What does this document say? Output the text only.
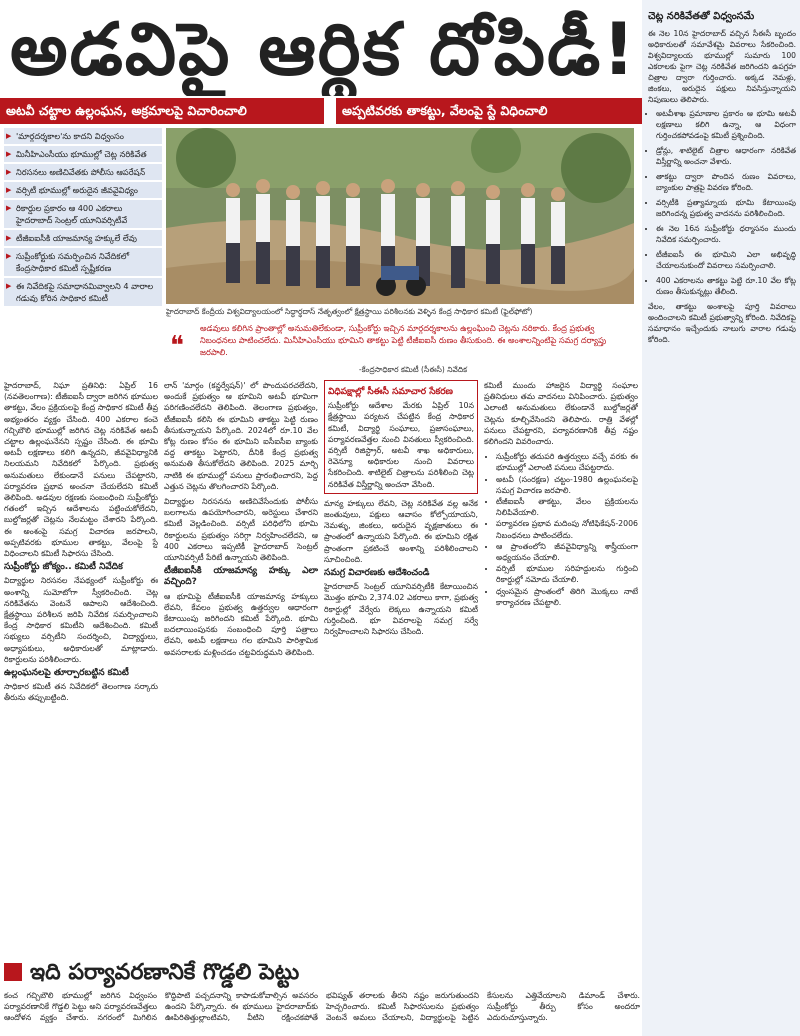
అడవిపై ఆర్థిక దోపిడీ!
అటవీ చట్టాల ఉల్లంఘన, అక్రమాలపై విచారించాలి	అప్పటివరకు తాకట్టు, వేలంపై స్టే విధించాలి
▶ 'మార్గదర్శకాల'ను కాదని విధ్వంసం
▶ మినీహిఎంసీయు భూముల్లో చెట్ల నరికివేత
▶ నిరసనలు అణిచివేతకు పోలీసు ఆపరేషన్
▶ వర్సిటీ భూముల్లో అరుదైన జీవవైవిధ్యం
▶ రికార్డుల ప్రకారం ఆ 400 ఎకరాలు హైదరాబాద్ సెంట్రల్ యూనివర్సిటీవే
▶ టీజీఐఐసీకి యాజమాన్య హక్కులే లేవు
▶ సుప్రీంకోర్టుకు సమర్పించిన నివేదికలో కేంద్రసాధికార కమిటీ స్పష్టీకరణ
▶ ఈ నివేదికపై సమాధానమివ్వాలని 4 వారాల గడువు కోరిన సాధికార కమిటీ
హైదరాబాద్ కేంద్రీయ విశ్వవిద్యాలయంలో సిద్ధార్థదాస్ నేతృత్వంలో క్షేత్రస్థాయి పరిశీలనకు వెళ్ళిన కేంద్ర సాధికార కమిటీ (ఫైల్‌ఫోటో)
❝
అడవులు కలిగిన ప్రాంతాల్లో అనుమతిలేకుండా, సుప్రీంకోర్టు ఇచ్చిన మార్గదర్శకాలను ఉల్లంఘించి చెట్లను నరికారు. కేంద్ర ప్రభుత్వ నిబంధనలు పాటించలేదు. మినీహిఎంసీయు భూమిని తాకట్టు పెట్టి టీజీఐఐసీ రుణం తీసుకుంది. ఈ అంశాలన్నింటిపై సమగ్ర దర్యాప్తు జరపాలి.
-కేంద్రసాధికార కమిటీ (సీఈసీ) నివేదిక
హైదరాబాద్, నిఘా ప్రతినిధి: ఏప్రిల్ 16 (నవతెలంగాణ): టీజీఐఐసీ ద్వారా జరిగిన భూముల తాకట్టు, వేలం ప్రక్రియలపై కేంద్ర సాధికార కమిటీ తీవ్ర అభ్యంతరం వ్యక్తం చేసింది. 400 ఎకరాల కంచె గచ్చిబౌలి భూముల్లో జరిగిన చెట్ల నరికివేత అటవీ చట్టాల ఉల్లంఘనేనని స్పష్టం చేసింది. ఈ భూమి అటవీ లక్షణాలు కలిగి ఉన్నదని, జీవవైవిధ్యానికి నిలయమని నివేదికలో పేర్కొంది. ప్రభుత్వ అనుమతులు లేకుండానే పనులు చేపట్టారని, పర్యావరణ ప్రభావ అంచనా చేయలేదని కమిటీ తెలిపింది. అడవుల రక్షణకు సంబంధించి సుప్రీంకోర్టు గతంలో ఇచ్చిన ఆదేశాలను పట్టించుకోలేదని, బుల్డోజర్లతో చెట్లను నేలమట్టం చేశారని పేర్కొంది. ఈ అంశంపై సమగ్ర విచారణ జరపాలని, అప్పటివరకు భూముల తాకట్టు, వేలంపై స్టే విధించాలని కమిటీ సిఫారసు చేసింది.
సుప్రీంకోర్టు జోక్యం.. కమిటీ నివేదిక
విద్యార్థుల నిరసనల నేపథ్యంలో సుప్రీంకోర్టు ఈ అంశాన్ని సుమోటోగా స్వీకరించింది. చెట్ల నరికివేతను వెంటనే ఆపాలని ఆదేశించింది. క్షేత్రస్థాయి పరిశీలన జరిపి నివేదిక సమర్పించాలని కేంద్ర సాధికార కమిటీని ఆదేశించింది. కమిటీ సభ్యులు వర్సిటీని సందర్శించి, విద్యార్థులు, అధ్యాపకులు, అధికారులతో మాట్లాడారు. రికార్డులను పరిశీలించారు.
ఉల్లంఘనలపై తూర్పారబట్టిన కమిటీ
సాధికార కమిటీ తన నివేదికలో తెలంగాణ సర్కారు తీరును తప్పుబట్టింది.
లాన్ 'మార్గం (కన్జర్వేషన్)' లో పొందుపరచలేదని, అందుకే ప్రభుత్వం ఆ భూమిని అటవీ భూమిగా పరిగణించలేదని తెలిపింది. తెలంగాణ ప్రభుత్వం, టీజీఐఐసీ కలిసి ఈ భూమిని తాకట్టు పెట్టి రుణం తీసుకున్నాయని పేర్కొంది. 2024లో రూ.10 వేల కోట్ల రుణం కోసం ఈ భూమిని ఐసీఐసీఐ బ్యాంకు వద్ద తాకట్టు పెట్టారని, దీనికి కేంద్ర ప్రభుత్వ అనుమతి తీసుకోలేదని తెలిపింది. 2025 మార్చి నాటికి ఈ భూముల్లో పనులు ప్రారంభించారని, పెద్ద ఎత్తున చెట్లను తొలగించారని పేర్కొంది.
విద్యార్థుల నిరసనను అణిచివేసేందుకు పోలీసు బలగాలను ఉపయోగించారని, అరెస్టులు చేశారని కమిటీ వెల్లడించింది. వర్సిటీ పరిధిలోని భూమి రికార్డులను ప్రభుత్వం సరిగ్గా నిర్వహించలేదని, ఆ 400 ఎకరాలు ఇప్పటికీ హైదరాబాద్ సెంట్రల్ యూనివర్సిటీ పేరిటే ఉన్నాయని తెలిపింది.
టీజీఐఐసీకి యాజమాన్య హక్కు ఎలా వచ్చింది?
ఆ భూమిపై టీజీఐఐసీకి యాజమాన్య హక్కులు లేవని, కేవలం ప్రభుత్వ ఉత్తర్వుల ఆధారంగా కేటాయింపు జరిగిందని కమిటీ పేర్కొంది. భూమి బదలాయింపునకు సంబంధించి పూర్తి పత్రాలు లేవని, అటవీ లక్షణాలు గల భూమిని పారిశ్రామిక అవసరాలకు మళ్లించడం చట్టవిరుద్ధమని తెలిపింది.
విధిపక్షాల్లో సీఈసీ సమాచార సేకరణ
సుప్రీంకోర్టు ఆదేశాల మేరకు ఏప్రిల్ 10న క్షేత్రస్థాయి పర్యటన చేపట్టిన కేంద్ర సాధికార కమిటీ, విద్యార్థి సంఘాలు, ప్రజాసంఘాలు, పర్యావరణవేత్తల నుంచి వినతులు స్వీకరించింది. వర్సిటీ రిజిస్ట్రార్, అటవీ శాఖ అధికారులు, రెవెన్యూ అధికారుల నుంచి వివరాలు సేకరించింది. శాటిలైట్ చిత్రాలను పరిశీలించి చెట్ల నరికివేత విస్తీర్ణాన్ని అంచనా వేసింది.
మాన్య హక్కులు లేవని, చెట్ల నరికివేత వల్ల అనేక జంతువులు, పక్షులు ఆవాసం కోల్పోయాయని, నెమళ్ళు, జింకలు, అరుదైన వృక్షజాతులు ఈ ప్రాంతంలో ఉన్నాయని పేర్కొంది. ఈ భూమిని రక్షిత ప్రాంతంగా ప్రకటించే అంశాన్ని పరిశీలించాలని సూచించింది.
సమగ్ర విచారణకు ఆదేశించండి
హైదరాబాద్ సెంట్రల్ యూనివర్సిటీకి కేటాయించిన మొత్తం భూమి 2,374.02 ఎకరాలు కాగా, ప్రభుత్వ రికార్డుల్లో వేర్వేరు లెక్కలు ఉన్నాయని కమిటీ గుర్తించింది. భూ వివరాలపై సమగ్ర సర్వే నిర్వహించాలని సిఫారసు చేసింది.
కమిటీ ముందు హాజరైన విద్యార్థి సంఘాల ప్రతినిధులు తమ వాదనలు వినిపించారు. ప్రభుత్వం ఎలాంటి అనుమతులు లేకుండానే బుల్డోజర్లతో చెట్లను కూల్చివేసిందని తెలిపారు. రాత్రి వేళల్లో పనులు చేపట్టారని, పర్యావరణానికి తీవ్ర నష్టం కలిగిందని వివరించారు.
• సుప్రీంకోర్టు తదుపరి ఉత్తర్వులు వచ్చే వరకు ఈ భూముల్లో ఎలాంటి పనులు చేపట్టరాదు.
• అటవీ (సంరక్షణ) చట్టం-1980 ఉల్లంఘనలపై సమగ్ర విచారణ జరపాలి.
• టీజీఐఐసీ తాకట్టు, వేలం ప్రక్రియలను నిలిపివేయాలి.
• పర్యావరణ ప్రభావ మదింపు నోటిఫికేషన్-2006 నిబంధనలు పాటించలేదు.
• ఆ ప్రాంతంలోని జీవవైవిధ్యాన్ని శాస్త్రీయంగా అధ్యయనం చేయాలి.
• వర్సిటీ భూముల సరిహద్దులను గుర్తించి రికార్డుల్లో నమోదు చేయాలి.
• ధ్వంసమైన ప్రాంతంలో తిరిగి మొక్కలు నాటే కార్యాచరణ చేపట్టాలి.
చెట్ల నరికివేతతో విధ్వంసమే
ఈ నెల 10న హైదరాబాద్ వచ్చిన సీఈసీ బృందం అధికారులతో సమావేశమై వివరాలు సేకరించింది. విశ్వవిద్యాలయ భూముల్లో సుమారు 100 ఎకరాలకు పైగా చెట్ల నరికివేత జరిగిందని ఉపగ్రహ చిత్రాల ద్వారా గుర్తించారు. అక్కడ నెమళ్లు, జింకలు, అరుదైన పక్షులు నివసిస్తున్నాయని నిపుణులు తెలిపారు.
• అటవీశాఖ ప్రమాణాల ప్రకారం ఆ భూమి అటవీ లక్షణాలు కలిగి ఉన్నా, ఆ విధంగా గుర్తించకపోవడంపై కమిటీ ప్రశ్నించింది.
• డ్రోన్లు, శాటిలైట్ చిత్రాల ఆధారంగా నరికివేత విస్తీర్ణాన్ని అంచనా వేశారు.
• తాకట్టు ద్వారా పొందిన రుణం వివరాలు, బ్యాంకుల పాత్రపై వివరణ కోరింది.
• వర్సిటీకి ప్రత్యామ్నాయ భూమి కేటాయింపు జరిగిందన్న ప్రభుత్వ వాదనను పరిశీలించింది.
• ఈ నెల 16న సుప్రీంకోర్టు ధర్మాసనం ముందు నివేదిక సమర్పించారు.
• టీజీఐఐసీ ఈ భూమిని ఎలా అభివృద్ధి చేయాలనుకుందో వివరాలు సమర్పించాలి.
• 400 ఎకరాలను తాకట్టు పెట్టి రూ.10 వేల కోట్ల రుణం తీసుకున్నట్లు తేలింది.
వేలం, తాకట్టు అంశాలపై పూర్తి వివరాలు అందించాలని కమిటీ ప్రభుత్వాన్ని కోరింది. నివేదికపై సమాధానం ఇచ్చేందుకు నాలుగు వారాల గడువు కోరింది.
ఇది పర్యావరణానికే గొడ్డలి పెట్టు
కంచ గచ్చిబౌలి భూముల్లో జరిగిన విధ్వంసం పర్యావరణానికే గొడ్డలి పెట్టు అని పర్యావరణవేత్తలు ఆందోళన వ్యక్తం చేశారు. నగరంలో మిగిలిన కొద్దిపాటి పచ్చదనాన్ని కాపాడుకోవాల్సిన అవసరం ఉందని పేర్కొన్నారు. ఈ భూములు హైదరాబాద్‌కు ఊపిరితిత్తుల్లాంటివని, వీటిని రక్షించకపోతే భవిష్యత్ తరాలకు తీరని నష్టం జరుగుతుందని హెచ్చరించారు. కమిటీ సిఫారసులను ప్రభుత్వం వెంటనే అమలు చేయాలని, విద్యార్థులపై పెట్టిన కేసులను ఎత్తివేయాలని డిమాండ్ చేశారు. సుప్రీంకోర్టు తీర్పు కోసం అందరూ ఎదురుచూస్తున్నారు.
